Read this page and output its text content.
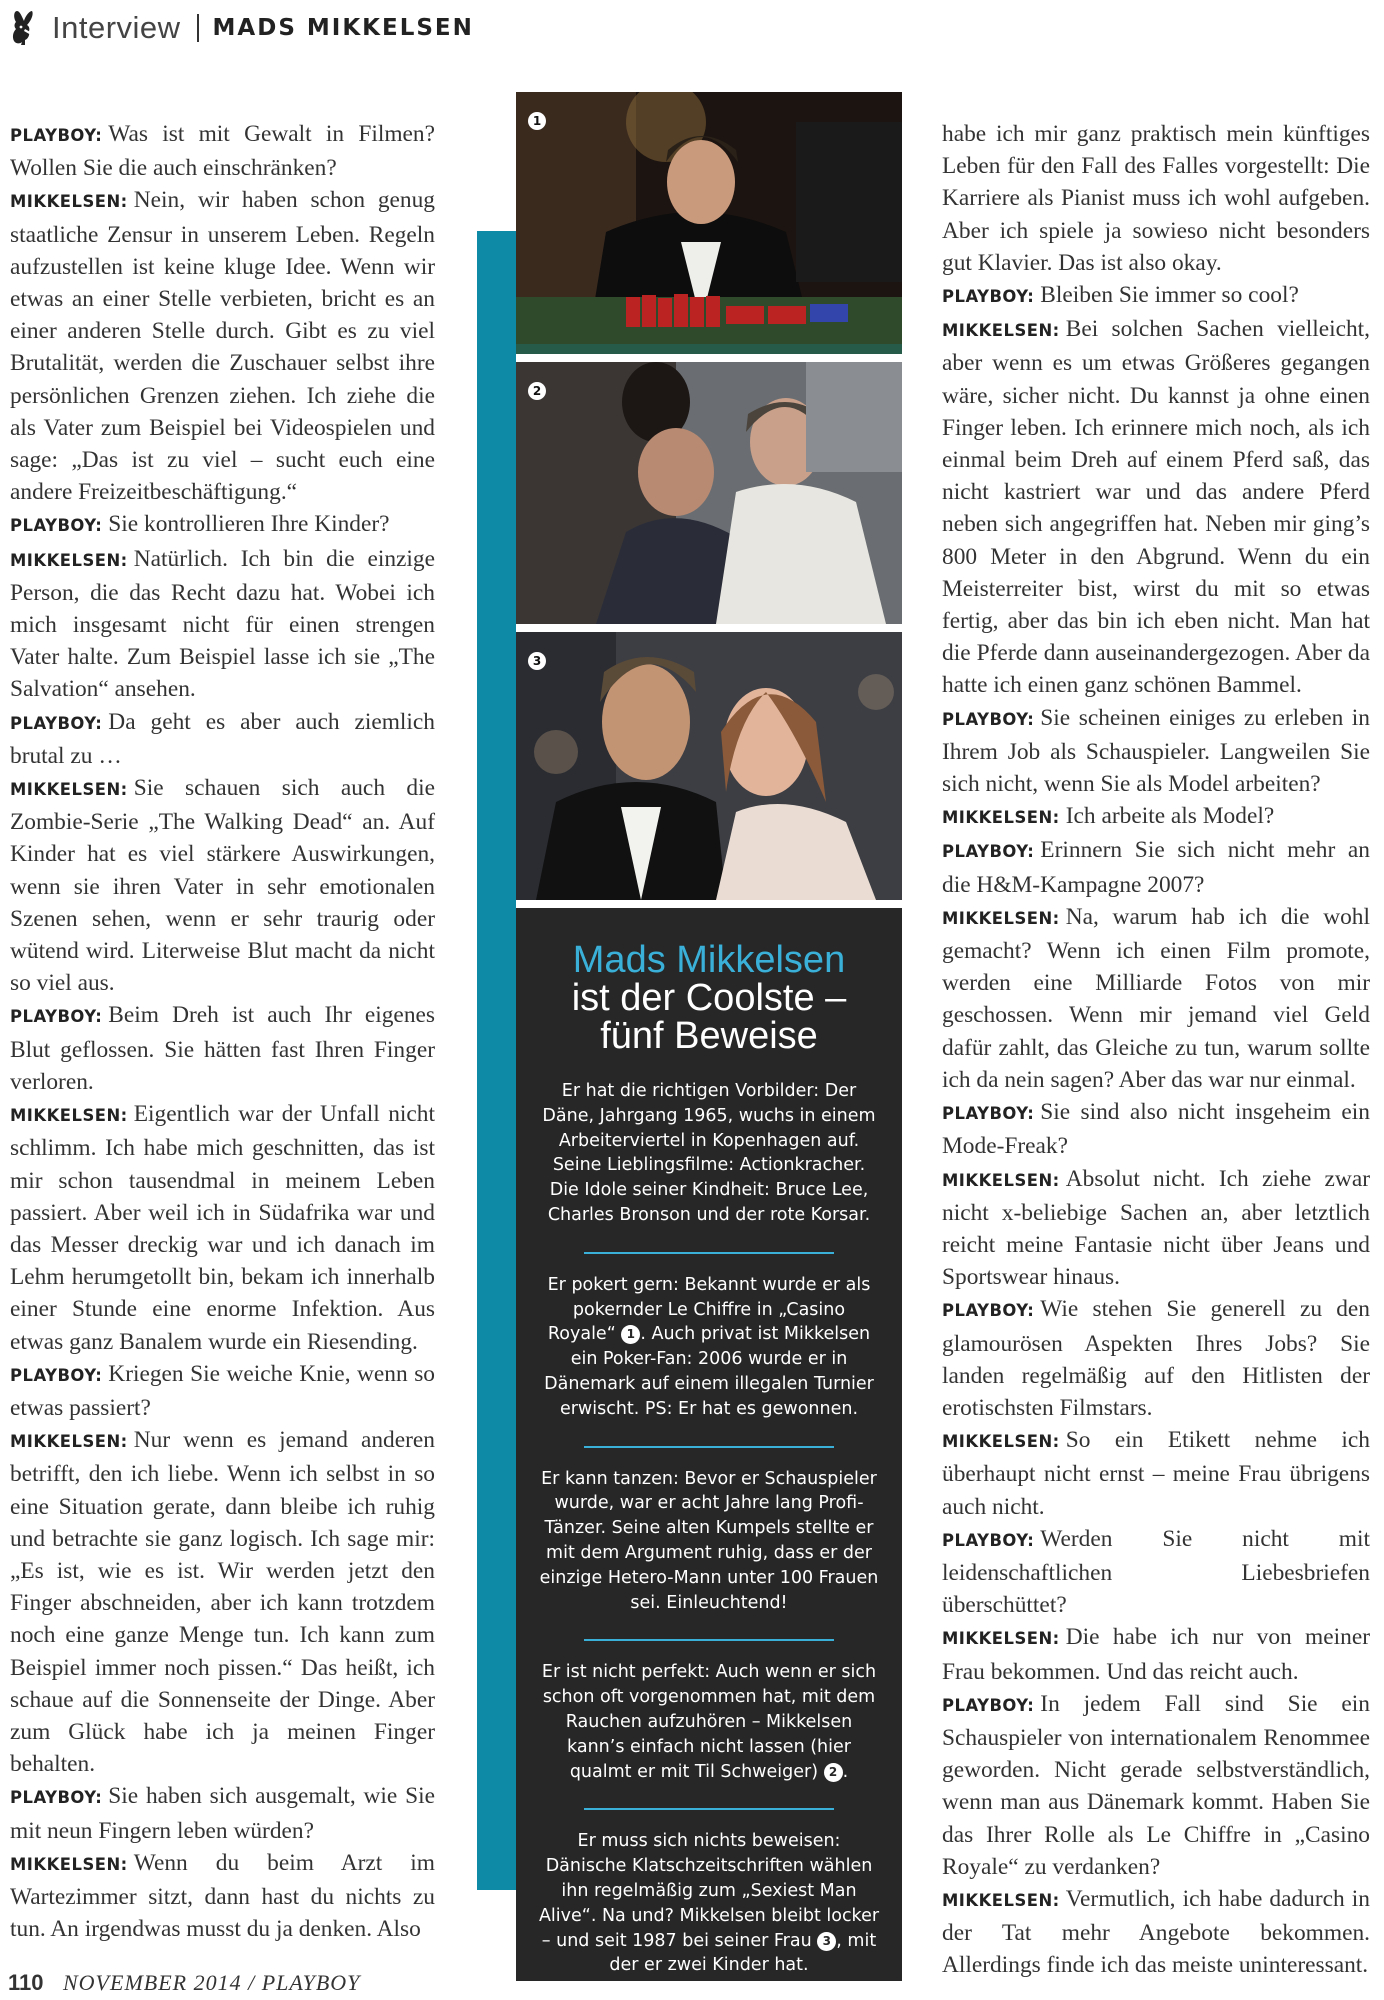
Interview MADS MIKKELSEN

PLAYBOY: Was ist mit Gewalt in Filmen? Wollen Sie die auch einschränken?

MIKKELSEN: Nein, wir haben schon genug staatliche Zensur in unserem Leben. Regeln aufzustellen ist keine kluge Idee. Wenn wir etwas an einer Stelle verbieten, bricht es an einer anderen Stelle durch. Gibt es zu viel Brutalität, werden die Zuschauer selbst ihre persönlichen Grenzen ziehen. Ich ziehe die als Vater zum Beispiel bei Videospielen und sage: „Das ist zu viel – sucht euch eine andere Freizeitbeschäftigung.“

PLAYBOY: Sie kontrollieren Ihre Kinder?

MIKKELSEN: Natürlich. Ich bin die einzige Person, die das Recht dazu hat. Wobei ich mich insgesamt nicht für einen strengen Vater halte. Zum Beispiel lasse ich sie „The Salvation“ ansehen.

PLAYBOY: Da geht es aber auch ziemlich brutal zu …

MIKKELSEN: Sie schauen sich auch die Zombie-Serie „The Walking Dead“ an. Auf Kinder hat es viel stärkere Auswirkungen, wenn sie ihren Vater in sehr emotionalen Szenen sehen, wenn er sehr traurig oder wütend wird. Literweise Blut macht da nicht so viel aus.

PLAYBOY: Beim Dreh ist auch Ihr eigenes Blut geflossen. Sie hätten fast Ihren Finger verloren.

MIKKELSEN: Eigentlich war der Unfall nicht schlimm. Ich habe mich geschnitten, das ist mir schon tausendmal in meinem Leben passiert. Aber weil ich in Südafrika war und das Messer dreckig war und ich danach im Lehm herumgetollt bin, bekam ich innerhalb einer Stunde eine enorme Infektion. Aus etwas ganz Banalem wurde ein Riesending.

PLAYBOY: Kriegen Sie weiche Knie, wenn so etwas passiert?

MIKKELSEN: Nur wenn es jemand anderen betrifft, den ich liebe. Wenn ich selbst in so eine Situation gerate, dann bleibe ich ruhig und betrachte sie ganz logisch. Ich sage mir: „Es ist, wie es ist. Wir werden jetzt den Finger abschneiden, aber ich kann trotzdem noch eine ganze Menge tun. Ich kann zum Beispiel immer noch pissen.“ Das heißt, ich schaue auf die Sonnenseite der Dinge. Aber zum Glück habe ich ja meinen Finger behalten.

PLAYBOY: Sie haben sich ausgemalt, wie Sie mit neun Fingern leben würden?

MIKKELSEN: Wenn du beim Arzt im Wartezimmer sitzt, dann hast du nichts zu tun. An irgendwas musst du ja denken. Also

1
2
3
Mads Mikkelsen
ist der Coolste –
fünf Beweise
Er hat die richtigen Vorbilder: Der Däne, Jahrgang 1965, wuchs in einem Arbeiterviertel in Kopenhagen auf. Seine Lieblingsfilme: Actionkracher. Die Idole seiner Kindheit: Bruce Lee, Charles Bronson und der rote Korsar.
Er pokert gern: Bekannt wurde er als pokernder Le Chiffre in „Casino Royale“ 1 . Auch privat ist Mikkelsen ein Poker-Fan: 2006 wurde er in Dänemark auf einem illegalen Turnier erwischt. PS: Er hat es gewonnen.
Er kann tanzen: Bevor er Schauspieler wurde, war er acht Jahre lang Profi-Tänzer. Seine alten Kumpels stellte er mit dem Argument ruhig, dass er der einzige Hetero-Mann unter 100 Frauen sei. Einleuchtend!
Er ist nicht perfekt: Auch wenn er sich schon oft vorgenommen hat, mit dem Rauchen aufzuhören – Mikkelsen kann’s einfach nicht lassen (hier qualmt er mit Til Schweiger) 2 .
Er muss sich nichts beweisen: Dänische Klatschzeitschriften wählen ihn regelmäßig zum „Sexiest Man Alive“. Na und? Mikkelsen bleibt locker – und seit 1987 bei seiner Frau 3 , mit der er zwei Kinder hat.

habe ich mir ganz praktisch mein künftiges Leben für den Fall des Falles vorgestellt: Die Karriere als Pianist muss ich wohl aufgeben. Aber ich spiele ja sowieso nicht besonders gut Klavier. Das ist also okay.

PLAYBOY: Bleiben Sie immer so cool?

MIKKELSEN: Bei solchen Sachen vielleicht, aber wenn es um etwas Größeres gegangen wäre, sicher nicht. Du kannst ja ohne einen Finger leben. Ich erinnere mich noch, als ich einmal beim Dreh auf einem Pferd saß, das nicht kastriert war und das andere Pferd neben sich angegriffen hat. Neben mir ging’s 800 Meter in den Abgrund. Wenn du ein Meisterreiter bist, wirst du mit so etwas fertig, aber das bin ich eben nicht. Man hat die Pferde dann auseinandergezogen. Aber da hatte ich einen ganz schönen Bammel.

PLAYBOY: Sie scheinen einiges zu erleben in Ihrem Job als Schauspieler. Langweilen Sie sich nicht, wenn Sie als Model arbeiten?

MIKKELSEN: Ich arbeite als Model?

PLAYBOY: Erinnern Sie sich nicht mehr an die H&M-Kampagne 2007?

MIKKELSEN: Na, warum hab ich die wohl gemacht? Wenn ich einen Film promote, werden eine Milliarde Fotos von mir geschossen. Wenn mir jemand viel Geld dafür zahlt, das Gleiche zu tun, warum sollte ich da nein sagen? Aber das war nur einmal.

PLAYBOY: Sie sind also nicht insgeheim ein Mode-Freak?

MIKKELSEN: Absolut nicht. Ich ziehe zwar nicht x-beliebige Sachen an, aber letztlich reicht meine Fantasie nicht über Jeans und Sportswear hinaus.

PLAYBOY: Wie stehen Sie generell zu den glamourösen Aspekten Ihres Jobs? Sie landen regelmäßig auf den Hitlisten der erotischsten Filmstars.

MIKKELSEN: So ein Etikett nehme ich überhaupt nicht ernst – meine Frau übrigens auch nicht.

PLAYBOY: Werden Sie nicht mit leidenschaftlichen Liebesbriefen überschüttet?

MIKKELSEN: Die habe ich nur von meiner Frau bekommen. Und das reicht auch.

PLAYBOY: In jedem Fall sind Sie ein Schauspieler von internationalem Renommee geworden. Nicht gerade selbstverständlich, wenn man aus Dänemark kommt. Haben Sie das Ihrer Rolle als Le Chiffre in „Casino Royale“ zu verdanken?

MIKKELSEN: Vermutlich, ich habe dadurch in der Tat mehr Angebote bekommen. Allerdings finde ich das meiste uninteressant.

110 NOVEMBER 2014 / PLAYBOY
